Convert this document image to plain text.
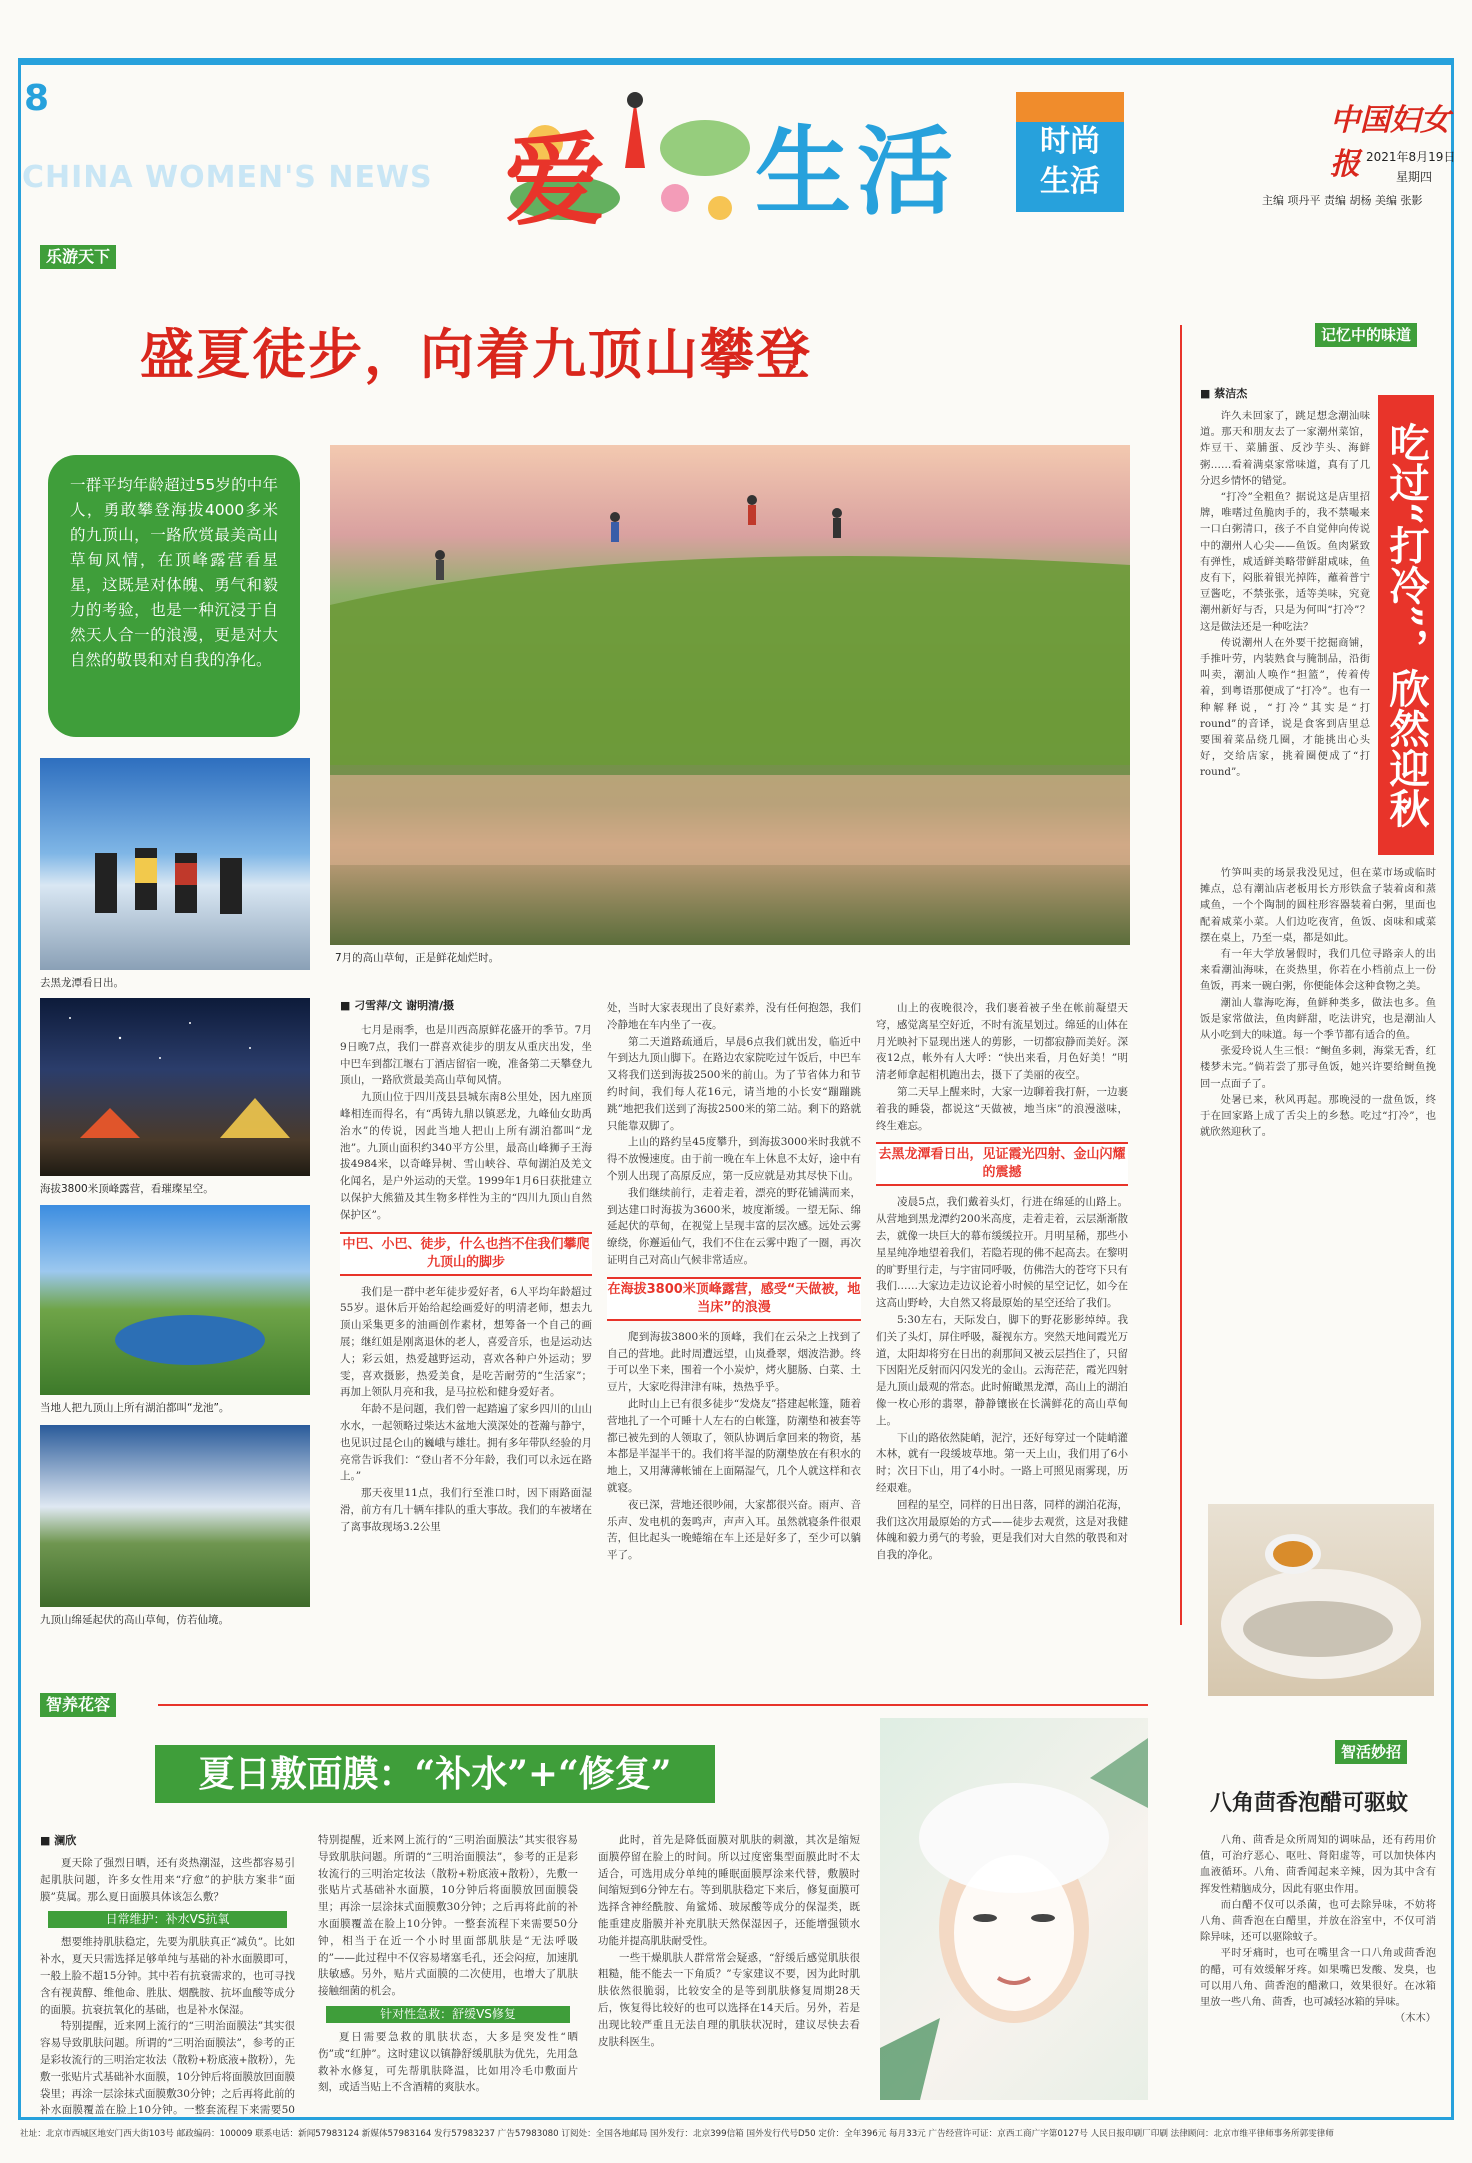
8
CHINA WOMEN'S NEWS 爱 生活	时尚
生活
中国妇女报 2021年8月19日
星期四
主编 项丹平 责编 胡杨 美编 张影
乐游天下
盛夏徒步，向着九顶山攀登
一群平均年龄超过55岁的中年人，勇敢攀登海拔4000多米的九顶山，一路欣赏最美高山草甸风情，在顶峰露营看星星，这既是对体魄、勇气和毅力的考验，也是一种沉浸于自然天人合一的浪漫，更是对大自然的敬畏和对自我的净化。
7月的高山草甸，正是鲜花灿烂时。
去黑龙潭看日出。
海拔3800米顶峰露营，看璀璨星空。
当地人把九顶山上所有湖泊都叫“龙池”。
九顶山绵延起伏的高山草甸，仿若仙境。
■ 刁雪萍/文 谢明清/摄

七月是雨季，也是川西高原鲜花盛开的季节。7月9日晚7点，我们一群喜欢徒步的朋友从重庆出发，坐中巴车到都江堰右丁酒店留宿一晚，准备第二天攀登九顶山，一路欣赏最美高山草甸风情。

九顶山位于四川茂县县城东南8公里处，因九座顶峰相连而得名，有“禹铸九鼎以镇恶龙，九峰仙女助禹治水”的传说，因此当地人把山上所有湖泊都叫“龙池”。九顶山面积约340平方公里，最高山峰狮子王海拔4984米，以奇峰异树、雪山峡谷、草甸湖泊及羌文化闻名，是户外运动的天堂。1999年1月6日获批建立以保护大熊猫及其生物多样性为主的“四川九顶山自然保护区”。

中巴、小巴、徒步，什么也挡不住我们攀爬九顶山的脚步

我们是一群中老年徒步爱好者，6人平均年龄超过55岁。退休后开始给起绘画爱好的明清老师，想去九顶山采集更多的油画创作素材，想筹备一个自己的画展；继红姐是刚离退休的老人，喜爱音乐，也是运动达人；彩云姐，热爱越野运动，喜欢各种户外运动；罗雯，喜欢摄影，热爱美食，是吃苦耐劳的“生活家”；再加上领队月亮和我，是马拉松和健身爱好者。

年龄不是问题，我们曾一起踏遍了家乡四川的山山水水，一起领略过柴达木盆地大漠深处的苍瀚与静宁，也见识过昆仑山的巍峨与雄壮。拥有多年带队经验的月亮常告诉我们：“登山者不分年龄，我们可以永远在路上。”

那天夜里11点，我们行至淮口时，因下雨路面湿滑，前方有几十辆车排队的重大事故。我们的车被堵在了离事故现场3.2公里

处，当时大家表现出了良好素养，没有任何抱怨，我们冷静地在车内坐了一夜。

第二天道路疏通后，早晨6点我们就出发，临近中午到达九顶山脚下。在路边农家院吃过午饭后，中巴车又将我们送到海拔2500米的前山。为了节省体力和节约时间，我们每人花16元，请当地的小长安“蹦蹦跳跳”地把我们送到了海拔2500米的第二站。剩下的路就只能靠双脚了。

上山的路约呈45度攀升，到海拔3000米时我就不得不放慢速度。由于前一晚在车上休息不太好，途中有个别人出现了高原反应，第一反应就是劝其尽快下山。

我们继续前行，走着走着，漂亮的野花铺满而来，到达建口时海拔为3600米，坡度渐缓。一望无际、绵延起伏的草甸，在视觉上呈现丰富的层次感。远处云雾缭绕，你邂逅仙气，我们不住在云雾中跑了一圈，再次证明自己对高山气候非常适应。

在海拔3800米顶峰露营，感受“天做被，地当床”的浪漫

爬到海拔3800米的顶峰，我们在云朵之上找到了自己的营地。此时周遭远望，山岚叠翠，烟波浩渺。终于可以坐下来，围着一个小炭炉，烤火腿肠、白菜、土豆片，大家吃得津津有味，热热乎乎。

此时山上已有很多徒步“发烧友”搭建起帐篷，随着营地扎了一个可睡十人左右的白帐篷，防潮垫和被套等都已被先到的人领取了，领队协调后拿回来的物资，基本都是半湿半干的。我们将半湿的防潮垫放在有积水的地上，又用薄薄帐铺在上面隔湿气，几个人就这样和衣就寝。

夜已深，营地还很吵闹，大家都很兴奋。雨声、音乐声、发电机的轰鸣声，声声入耳。虽然就寝条件很艰苦，但比起头一晚蜷缩在车上还是好多了，至少可以躺平了。

山上的夜晚很冷，我们裹着被子坐在帐前凝望天穹，感觉离星空好近，不时有流星划过。绵延的山体在月光映衬下显现出迷人的剪影，一切都寂静而美好。深夜12点，帐外有人大呼：“快出来看，月色好美！”明清老师拿起相机跑出去，摄下了美丽的夜空。

第二天早上醒来时，大家一边聊着我打鼾，一边裹着我的睡袋，都说这“天做被，地当床”的浪漫滋味，终生难忘。

去黑龙潭看日出，见证霞光四射、金山闪耀的震撼

凌晨5点，我们戴着头灯，行进在绵延的山路上。从营地到黑龙潭约200米高度，走着走着，云层渐渐散去，就像一块巨大的幕布缓缓拉开。月明星稀，那些小星星纯净地望着我们，若隐若现的佛不起高去。在黎明的旷野里行走，与宇宙同呼吸，仿佛浩大的苍穹下只有我们……大家边走边议论着小时候的星空记忆，如今在这高山野岭，大自然又将最原始的星空还给了我们。

5:30左右，天际发白，脚下的野花影影绰绰。我们关了头灯，屏住呼吸，凝视东方。突然天地间霞光万道，太阳却将穷在日出的刹那间又被云层挡住了，只留下因阳光反射而闪闪发光的金山。云海茫茫，霞光四射是九顶山最观的常态。此时俯瞰黑龙潭，高山上的湖泊像一枚心形的翡翠，静静镶嵌在长满鲜花的高山草甸上。

下山的路依然陡峭，泥泞，还好每穿过一个陡峭灌木林，就有一段缓坡草地。第一天上山，我们用了6小时；次日下山，用了4小时。一路上可照见雨雾现，历经艰难。

回程的星空，同样的日出日落，同样的湖泊花海，我们这次用最原始的方式——徒步去观赏，这是对我健体魄和毅力勇气的考验，更是我们对大自然的敬畏和对自我的净化。

记忆中的味道
■ 蔡洁杰
吃过“打冷”，欣然迎秋

许久未回家了，跳足想念潮汕味道。那天和朋友去了一家潮州菜馆，炸豆干、菜脯蛋、反沙芋头、海鲜粥……看着满桌家常味道，真有了几分迟乡情怀的错觉。

“打冷”全粗鱼？据说这是店里招牌，唯嗜过鱼脆肉手的，我不禁嘬来一口白粥清口，孩子不自觉伸向传说中的潮州人心尖——鱼饭。鱼肉紧致有弹性，咸适鲜美略带鲜甜咸味，鱼皮有下，闷胀着银光掉阵，蘸着普宁豆酱吃，不禁张张，适等美味，究竟潮州新好与否，只是为何叫“打冷”？这是做法还是一种吃法？

传说潮州人在外要干挖掘商铺，手推叶劳，内装熟食与腌制品，沿街叫卖，潮汕人唤作“担篮”，传着传着，到粤语那便成了“打冷”。也有一种解释说，“打冷”其实是“打round”的音译，说是食客到店里总要围着菜品绕几圈，才能挑出心头好，交给店家，挑着圈便成了“打round”。

竹笋叫卖的场景我没见过，但在菜市场或临时摊点，总有潮汕店老板用长方形铁盒子装着卤和蒸咸鱼，一个个陶制的圆柱形容器装着白粥，里面也配着咸菜小菜。人们边吃夜宵，鱼饭、卤味和咸菜摆在桌上，乃至一桌，都是如此。

有一年大学放暑假时，我们几位寻路亲人的出来看潮汕海味，在炎热里，你若在小档前点上一份鱼饭，再来一碗白粥，你便能体会这种食物之美。

潮汕人靠海吃海，鱼鲜种类多，做法也多。鱼饭是家常做法，鱼肉鲜甜，吃法讲究，也是潮汕人从小吃到大的味道。每一个季节都有适合的鱼。

张爱玲说人生三恨：“鲥鱼多刺，海棠无香，红楼梦未完。”倘若尝了那寻鱼饭，她兴许要给鲥鱼挽回一点面子了。

处暑已来，秋风再起。那晚浸的一盘鱼饭，终于在回家路上成了舌尖上的乡愁。吃过“打冷”，也就欣然迎秋了。

智养花容
夏日敷面膜：“补水”+“修复”
■ 澜欣

夏天除了强烈日晒，还有炎热潮湿，这些都容易引起肌肤问题，许多女性用来“疗愈”的护肤方案非“面膜”莫属。那么夏日面膜具体该怎么敷？

日常维护：补水VS抗氧

想要维持肌肤稳定，先要为肌肤真正“减负”。比如补水，夏天只需选择足够单纯与基础的补水面膜即可，一般上脸不超15分钟。其中若有抗衰需求的，也可寻找含有视黄醇、维他命、胜肽、烟酰胺、抗坏血酸等成分的面膜。抗衰抗氧化的基础，也是补水保湿。

特别提醒，近来网上流行的“三明治面膜法”其实很容易导致肌肤问题。所谓的“三明治面膜法”，参考的正是彩妆流行的三明治定妆法（散粉+粉底液+散粉），先敷一张贴片式基础补水面膜，10分钟后将面膜放回面膜袋里；再涂一层涂抹式面膜敷30分钟；之后再将此前的补水面膜覆盖在脸上10分钟。一整套流程下来需要50

特别提醒，近来网上流行的“三明治面膜法”其实很容易导致肌肤问题。所谓的“三明治面膜法”，参考的正是彩妆流行的三明治定妆法（散粉+粉底液+散粉），先敷一张贴片式基础补水面膜，10分钟后将面膜放回面膜袋里；再涂一层涂抹式面膜敷30分钟；之后再将此前的补水面膜覆盖在脸上10分钟。一整套流程下来需要50分钟，相当于在近一个小时里面部肌肤是“无法呼吸的”——此过程中不仅容易堵塞毛孔，还会闷痘，加速肌肤敏感。另外，贴片式面膜的二次使用，也增大了肌肤接触细菌的机会。

针对性急救：舒缓VS修复

夏日需要急救的肌肤状态，大多是突发性“晒伤”或“红肿”。这时建议以镇静舒缓肌肤为优先，先用急救补水修复，可先帮肌肤降温，比如用冷毛巾敷面片刻，或适当贴上不含酒精的爽肤水。

此时，首先是降低面膜对肌肤的刺激，其次是缩短面膜停留在脸上的时间。所以过度密集型面膜此时不太适合，可选用成分单纯的睡眠面膜厚涂来代替，敷膜时间缩短到6分钟左右。等到肌肤稳定下来后，修复面膜可选择含神经酰胺、角鲨烯、玻尿酸等成分的保湿类，既能重建皮脂膜并补充肌肤天然保湿因子，还能增强锁水功能并提高肌肤耐受性。

一些干燥肌肤人群常常会疑惑，“舒缓后感觉肌肤很粗糙，能不能去一下角质？”专家建议不要，因为此时肌肤依然很脆弱，比较安全的是等到肌肤修复周期28天后，恢复得比较好的也可以选择在14天后。另外，若是出现比较严重且无法自理的肌肤状况时，建议尽快去看皮肤科医生。

智活妙招
八角茴香泡醋可驱蚊

八角、茴香是众所周知的调味品，还有药用价值，可治疗恶心、呕吐、肾阳虚等，可以加快体内血液循环。八角、茴香闻起来辛辣，因为其中含有挥发性精脑成分，因此有驱虫作用。

而白醋不仅可以杀菌，也可去除异味，不妨将八角、茴香泡在白醋里，并放在浴室中，不仅可消除异味，还可以驱除蚊子。

平时牙痛时，也可在嘴里含一口八角或茴香泡的醋，可有效缓解牙疼。如果嘴巴发酸、发臭，也可以用八角、茴香泡的醋漱口，效果很好。在冰箱里放一些八角、茴香，也可减轻冰箱的异味。

（木木）
社址：北京市西城区地安门西大街103号 邮政编码：100009 联系电话：新闻57983124 新媒体57983164 发行57983237 广告57983080 订阅处：全国各地邮局 国外发行：北京399信箱 国外发行代号D50 定价：全年396元 每月33元 广告经营许可证：京西工商广字第0127号 人民日报印刷厂印刷 法律顾问：北京市维平律师事务所郭雯律师
